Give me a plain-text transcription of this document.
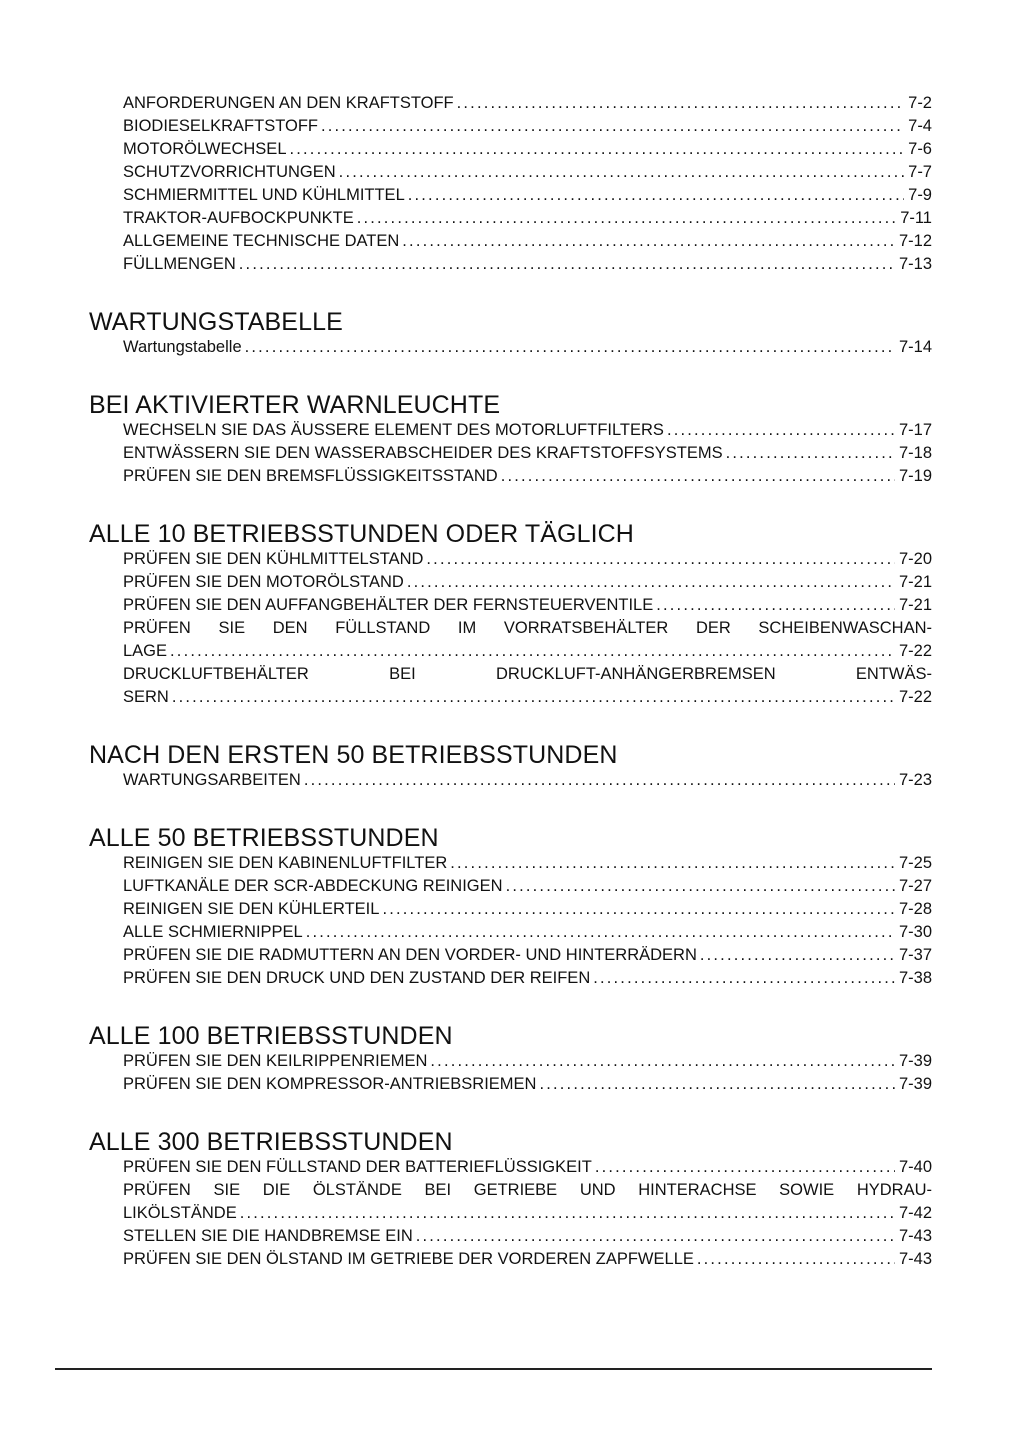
ANFORDERUNGEN AN DEN KRAFTSTOFF . . .	7-2
BIODIESELKRAFTSTOFF . . .	7-4
MOTORÖLWECHSEL . . .	7-6
SCHUTZVORRICHTUNGEN . . .	7-7
SCHMIERMITTEL UND KÜHLMITTEL . . .	7-9
TRAKTOR-AUFBOCKPUNKTE . . .	7-11
ALLGEMEINE TECHNISCHE DATEN . . .	7-12
FÜLLMENGEN . . .	7-13
WARTUNGSTABELLE
Wartungstabelle . . .	7-14
BEI AKTIVIERTER WARNLEUCHTE
WECHSELN SIE DAS ÄUSSERE ELEMENT DES MOTORLUFTFILTERS . . .	7-17
ENTWÄSSERN SIE DEN WASSERABSCHEIDER DES KRAFTSTOFFSYSTEMS . . .	7-18
PRÜFEN SIE DEN BREMSFLÜSSIGKEITSSTAND . . .	7-19
ALLE 10 BETRIEBSSTUNDEN ODER TÄGLICH
PRÜFEN SIE DEN KÜHLMITTELSTAND . . .	7-20
PRÜFEN SIE DEN MOTORÖLSTAND . . .	7-21
PRÜFEN SIE DEN AUFFANGBEHÄLTER DER FERNSTEUERVENTILE . . .	7-21
PRÜFEN SIE DEN FÜLLSTAND IM VORRATSBEHÄLTER DER SCHEIBENWASCHAN-
LAGE . . .	7-22
DRUCKLUFTBEHÄLTER BEI DRUCKLUFT-ANHÄNGERBREMSEN ENTWÄS-
SERN . . .	7-22
NACH DEN ERSTEN 50 BETRIEBSSTUNDEN
WARTUNGSARBEITEN . . .	7-23
ALLE 50 BETRIEBSSTUNDEN
REINIGEN SIE DEN KABINENLUFTFILTER . . .	7-25
LUFTKANÄLE DER SCR-ABDECKUNG REINIGEN . . .	7-27
REINIGEN SIE DEN KÜHLERTEIL . . .	7-28
ALLE SCHMIERNIPPEL . . .	7-30
PRÜFEN SIE DIE RADMUTTERN AN DEN VORDER- UND HINTERRÄDERN . . .	7-37
PRÜFEN SIE DEN DRUCK UND DEN ZUSTAND DER REIFEN . . .	7-38
ALLE 100 BETRIEBSSTUNDEN
PRÜFEN SIE DEN KEILRIPPENRIEMEN . . .	7-39
PRÜFEN SIE DEN KOMPRESSOR-ANTRIEBSRIEMEN . . .	7-39
ALLE 300 BETRIEBSSTUNDEN
PRÜFEN SIE DEN FÜLLSTAND DER BATTERIEFLÜSSIGKEIT . . .	7-40
PRÜFEN SIE DIE ÖLSTÄNDE BEI GETRIEBE UND HINTERACHSE SOWIE HYDRAU-
LIKÖLSTÄNDE . . .	7-42
STELLEN SIE DIE HANDBREMSE EIN . . .	7-43
PRÜFEN SIE DEN ÖLSTAND IM GETRIEBE DER VORDEREN ZAPFWELLE . . .	7-43
